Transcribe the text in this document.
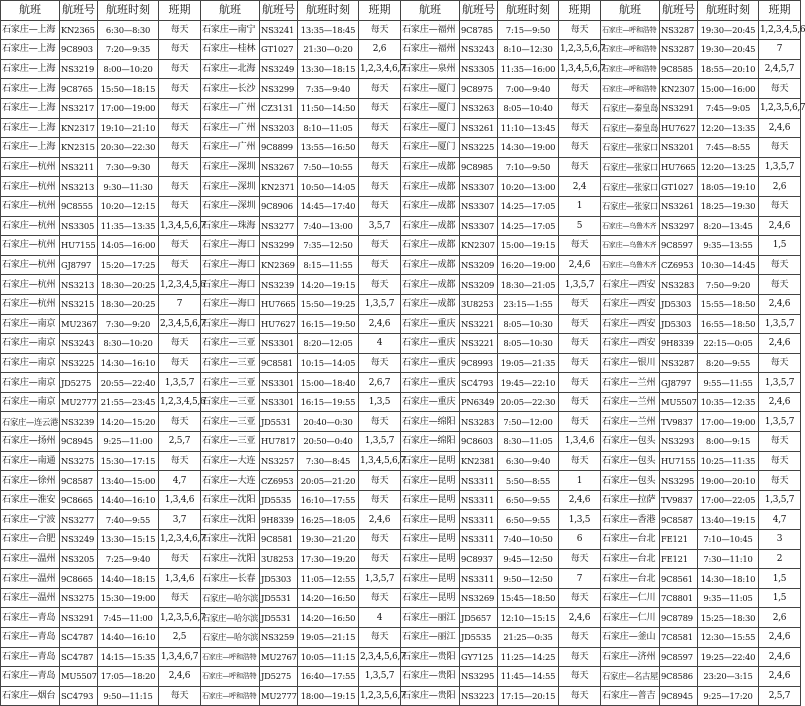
航班	航班号	航班时刻	班期
石家庄—上海	KN2365	6:30—8:30	每天
石家庄—上海	9C8903	7:20—9:35	每天
石家庄—上海	NS3219	8:00—10:20	每天
石家庄—上海	9C8765	15:50—18:15	每天
石家庄—上海	NS3217	17:00—19:00	每天
石家庄—上海	KN2317	19:10—21:10	每天
石家庄—上海	KN2315	20:30—22:30	每天
石家庄—杭州	NS3211	7:30—9:30	每天
石家庄—杭州	NS3213	9:30—11:30	每天
石家庄—杭州	9C8555	10:20—12:15	每天
石家庄—杭州	NS3305	11:35—13:35	1,3,4,5,6,7
石家庄—杭州	HU7155	14:05—16:00	每天
石家庄—杭州	GJ8797	15:20—17:25	每天
石家庄—杭州	NS3213	18:30—20:25	1,2,3,4,5,6
石家庄—杭州	NS3215	18:30—20:25	7
石家庄—南京	MU2367	7:30—9:20	2,3,4,5,6,7
石家庄—南京	NS3243	8:30—10:20	每天
石家庄—南京	NS3225	14:30—16:10	每天
石家庄—南京	JD5275	20:55—22:40	1,3,5,7
石家庄—南京	MU2777	21:55—23:45	1,2,3,4,5,6
石家庄—连云港	NS3239	14:20—15:20	每天
石家庄—扬州	9C8945	9:25—11:00	2,5,7
石家庄—南通	NS3275	15:30—17:15	每天
石家庄—徐州	9C8587	13:40—15:00	4,7
石家庄—淮安	9C8665	14:40—16:10	1,3,4,6
石家庄—宁波	NS3277	7:40—9:55	3,7
石家庄—合肥	NS3249	13:30—15:15	1,2,3,4,6,7
石家庄—温州	NS3205	7:25—9:40	每天
石家庄—温州	9C8665	14:40—18:15	1,3,4,6
石家庄—温州	NS3275	15:30—19:00	每天
石家庄—青岛	NS3291	7:45—11:00	1,2,3,5,6,7
石家庄—青岛	SC4787	14:40—16:10	2,5
石家庄—青岛	SC4787	14:15—15:35	1,3,4,6,7
石家庄—青岛	MU5507	17:05—18:20	2,4,6
石家庄—烟台	SC4793	9:50—11:15	每天
航班	航班号	航班时刻	班期
石家庄—南宁	NS3241	13:35—18:45	每天
石家庄—桂林	GT1027	21:30—0:20	2,6
石家庄—北海	NS3249	13:30—18:15	1,2,3,4,6,7
石家庄—长沙	NS3299	7:35—9:40	每天
石家庄—广州	CZ3131	11:50—14:50	每天
石家庄—广州	NS3203	8:10—11:05	每天
石家庄—广州	9C8899	13:55—16:50	每天
石家庄—深圳	NS3267	7:50—10:55	每天
石家庄—深圳	KN2371	10:50—14:05	每天
石家庄—深圳	9C8906	14:45—17:40	每天
石家庄—珠海	NS3277	7:40—13:00	3,5,7
石家庄—海口	NS3299	7:35—12:50	每天
石家庄—海口	KN2369	8:15—11:55	每天
石家庄—海口	NS3239	14:20—19:15	每天
石家庄—海口	HU7665	15:50—19:25	1,3,5,7
石家庄—海口	HU7627	16:15—19:50	2,4,6
石家庄—三亚	NS3301	8:20—12:05	4
石家庄—三亚	9C8581	10:15—14:05	每天
石家庄—三亚	NS3301	15:00—18:40	2,6,7
石家庄—三亚	NS3301	16:15—19:55	1,3,5
石家庄—三亚	JD5531	20:40—0:30	每天
石家庄—三亚	HU7817	20:50—0:40	1,3,5,7
石家庄—大连	NS3257	7:30—8:45	1,3,4,5,6,7
石家庄—大连	CZ6953	20:05—21:20	每天
石家庄—沈阳	JD5535	16:10—17:55	每天
石家庄—沈阳	9H8339	16:25—18:05	2,4,6
石家庄—沈阳	9C8581	19:30—21:20	每天
石家庄—沈阳	3U8253	17:30—19:20	每天
石家庄—长春	JD5303	11:05—12:55	1,3,5,7
石家庄—哈尔滨	JD5531	14:20—16:50	每天
石家庄—哈尔滨	JD5531	14:20—16:50	4
石家庄—哈尔滨	NS3259	19:05—21:15	每天
石家庄—呼和浩特	MU2767	10:05—11:15	2,3,4,5,6,7
石家庄—呼和浩特	JD5275	16:40—17:55	1,3,5,7
石家庄—呼和浩特	MU2777	18:00—19:15	1,2,3,5,6,7
航班	航班号	航班时刻	班期
石家庄—福州	9C8785	7:15—9:50	每天
石家庄—福州	NS3243	8:10—12:30	1,2,3,5,6,7
石家庄—泉州	NS3305	11:35—16:00	1,3,4,5,6,7
石家庄—厦门	9C8975	7:00—9:40	每天
石家庄—厦门	NS3263	8:05—10:40	每天
石家庄—厦门	NS3261	11:10—13:45	每天
石家庄—厦门	NS3225	14:30—19:00	每天
石家庄—成都	9C8985	7:10—9:50	每天
石家庄—成都	NS3307	10:20—13:00	2,4
石家庄—成都	NS3307	14:25—17:05	1
石家庄—成都	NS3307	14:25—17:05	5
石家庄—成都	KN2307	15:00—19:15	每天
石家庄—成都	NS3209	16:20—19:00	2,4,6
石家庄—成都	NS3209	18:30—21:05	1,3,5,7
石家庄—成都	3U8253	23:15—1:55	每天
石家庄—重庆	NS3221	8:05—10:30	每天
石家庄—重庆	NS3221	8:05—10:30	每天
石家庄—重庆	9C8993	19:05—21:35	每天
石家庄—重庆	SC4793	19:45—22:10	每天
石家庄—重庆	PN6349	20:05—22:30	每天
石家庄—绵阳	NS3283	7:50—12:00	每天
石家庄—绵阳	9C8603	8:30—11:05	1,3,4,6
石家庄—昆明	KN2381	6:30—9:40	每天
石家庄—昆明	NS3311	5:50—8:55	1
石家庄—昆明	NS3311	6:50—9:55	2,4,6
石家庄—昆明	NS3311	6:50—9:55	1,3,5
石家庄—昆明	NS3311	7:40—10:50	6
石家庄—昆明	9C8937	9:45—12:50	每天
石家庄—昆明	NS3311	9:50—12:50	7
石家庄—昆明	NS3269	15:45—18:50	每天
石家庄—丽江	JD5657	12:10—15:15	2,4,6
石家庄—丽江	JD5535	21:25—0:35	每天
石家庄—贵阳	GY7125	11:25—14:25	每天
石家庄—贵阳	NS3295	11:45—14:55	每天
石家庄—贵阳	NS3223	17:15—20:15	每天
航班	航班号	航班时刻	班期
石家庄—呼和浩特	NS3287	19:30—20:45	1,2,3,4,5,6
石家庄—呼和浩特	NS3287	19:30—20:45	7
石家庄—呼和浩特	9C8585	18:55—20:10	2,4,5,7
石家庄—呼和浩特	KN2307	15:00—16:00	每天
石家庄—秦皇岛	NS3291	7:45—9:05	1,2,3,5,6,7
石家庄—秦皇岛	HU7627	12:20—13:35	2,4,6
石家庄—张家口	NS3201	7:45—8:55	每天
石家庄—张家口	HU7665	12:20—13:25	1,3,5,7
石家庄—张家口	GT1027	18:05—19:10	2,6
石家庄—张家口	NS3261	18:25—19:30	每天
石家庄—乌鲁木齐	NS3297	8:20—13:45	2,4,6
石家庄—乌鲁木齐	9C8597	9:35—13:55	1,5
石家庄—乌鲁木齐	CZ6953	10:30—14:45	每天
石家庄—西安	NS3283	7:50—9:20	每天
石家庄—西安	JD5303	15:55—18:50	2,4,6
石家庄—西安	JD5303	16:55—18:50	1,3,5,7
石家庄—西安	9H8339	22:15—0:05	2,4,6
石家庄—银川	NS3287	8:20—9:55	每天
石家庄—兰州	GJ8797	9:55—11:55	1,3,5,7
石家庄—兰州	MU5507	10:35—12:35	2,4,6
石家庄—兰州	TV9837	17:00—19:00	1,3,5,7
石家庄—包头	NS3293	8:00—9:15	每天
石家庄—包头	HU7155	10:25—11:35	每天
石家庄—包头	NS3295	19:00—20:10	每天
石家庄—拉萨	TV9837	17:00—22:05	1,3,5,7
石家庄—香港	9C8587	13:40—19:15	4,7
石家庄—台北	FE121	7:10—10:45	3
石家庄—台北	FE121	7:30—11:10	2
石家庄—台北	9C8561	14:30—18:10	1,5
石家庄—仁川	7C8801	9:35—11:05	1,5
石家庄—仁川	9C8789	15:25—18:30	2,6
石家庄—釜山	7C8581	12:30—15:55	2,4,6
石家庄—济州	9C8597	19:25—22:40	2,4,6
石家庄—名古屋	9C8586	23:20—3:15	2,4,6
石家庄—普吉	9C8945	9:25—17:20	2,5,7
